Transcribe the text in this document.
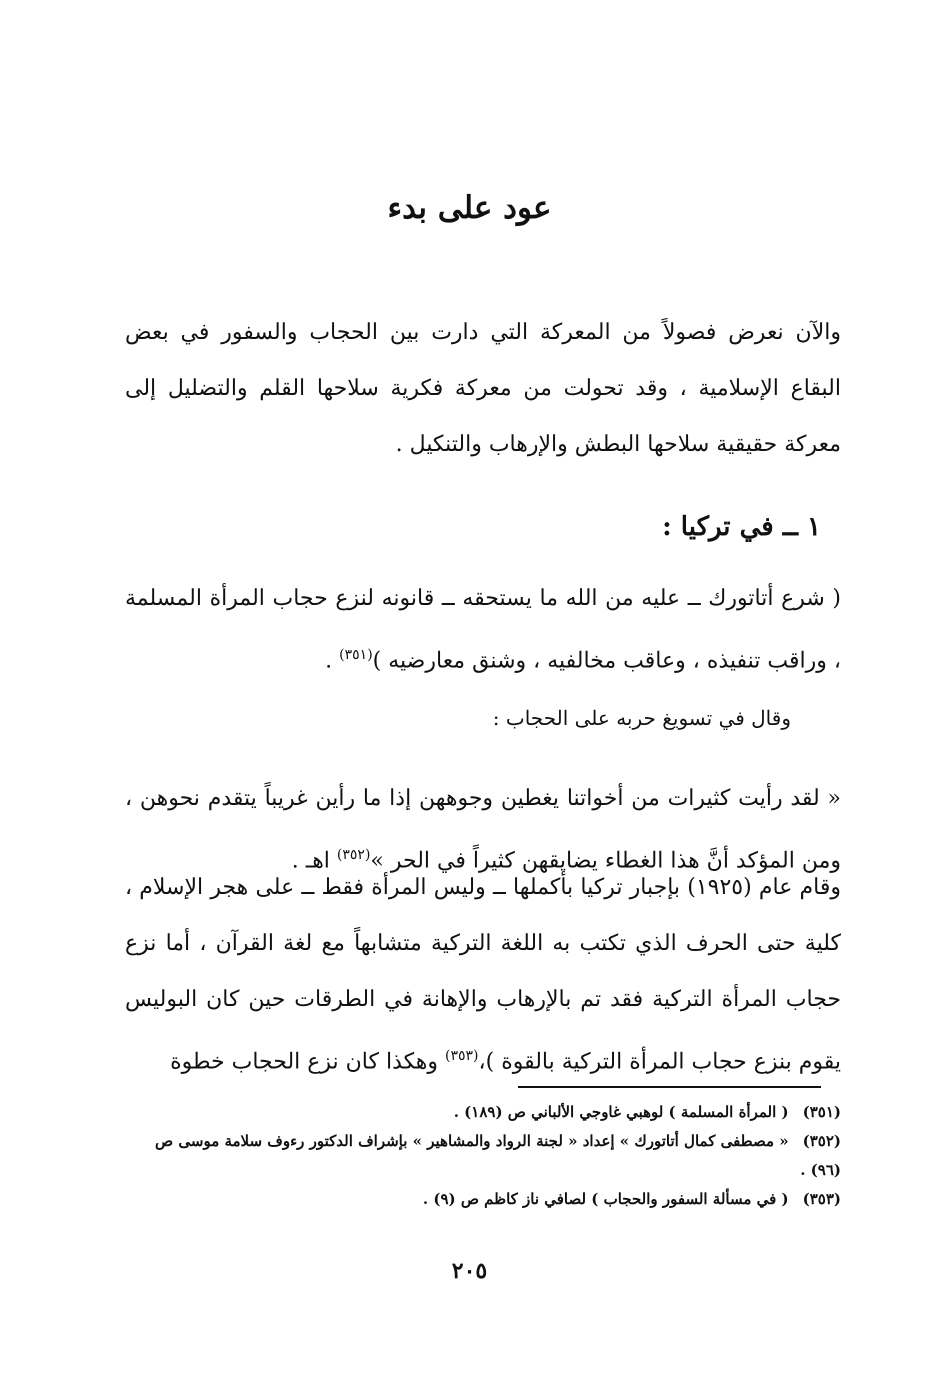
عود على بدء
والآن نعرض فصولاً من المعركة التي دارت بين الحجاب والسفور في بعض البقاع الإسلامية ، وقد تحولت من معركة فكرية سلاحها القلم والتضليل إلى معركة حقيقية سلاحها البطش والإرهاب والتنكيل .
١ ــ في تركيا :
( شرع أتاتورك ــ عليه من الله ما يستحقه ــ قانونه لنزع حجاب المرأة المسلمة ، وراقب تنفيذه ، وعاقب مخالفيه ، وشنق معارضيه )$^{(٣٥١)}$ .
وقال في تسويغ حربه على الحجاب :
« لقد رأيت كثيرات من أخواتنا يغطين وجوههن إذا ما رأين غريباً يتقدم نحوهن ، ومن المؤكد أنَّ هذا الغطاء يضايقهن كثيراً في الحر »$^{(٣٥٢)}$ اهـ .
وقام عام (١٩٢٥) بإجبار تركيا بأكملها ــ وليس المرأة فقط ــ على هجر الإسلام ، كلية حتى الحرف الذي تكتب به اللغة التركية متشابهاً مع لغة القرآن ، أما نزع حجاب المرأة التركية فقد تم بالإرهاب والإهانة في الطرقات حين كان البوليس يقوم بنزع حجاب المرأة التركية بالقوة )،$^{(٣٥٣)}$ وهكذا كان نزع الحجاب خطوة
(٣٥١)( المرأة المسلمة ) لوهبي غاوجي الألباني ص (١٨٩) .
(٣٥٢)« مصطفى كمال أتاتورك » إعداد « لجنة الرواد والمشاهير » بإشراف الدكتور رءوف سلامة موسى ص (٩٦) .
(٣٥٣)( في مسألة السفور والحجاب ) لصافي ناز كاظم ص (٩) .
٢٠٥
